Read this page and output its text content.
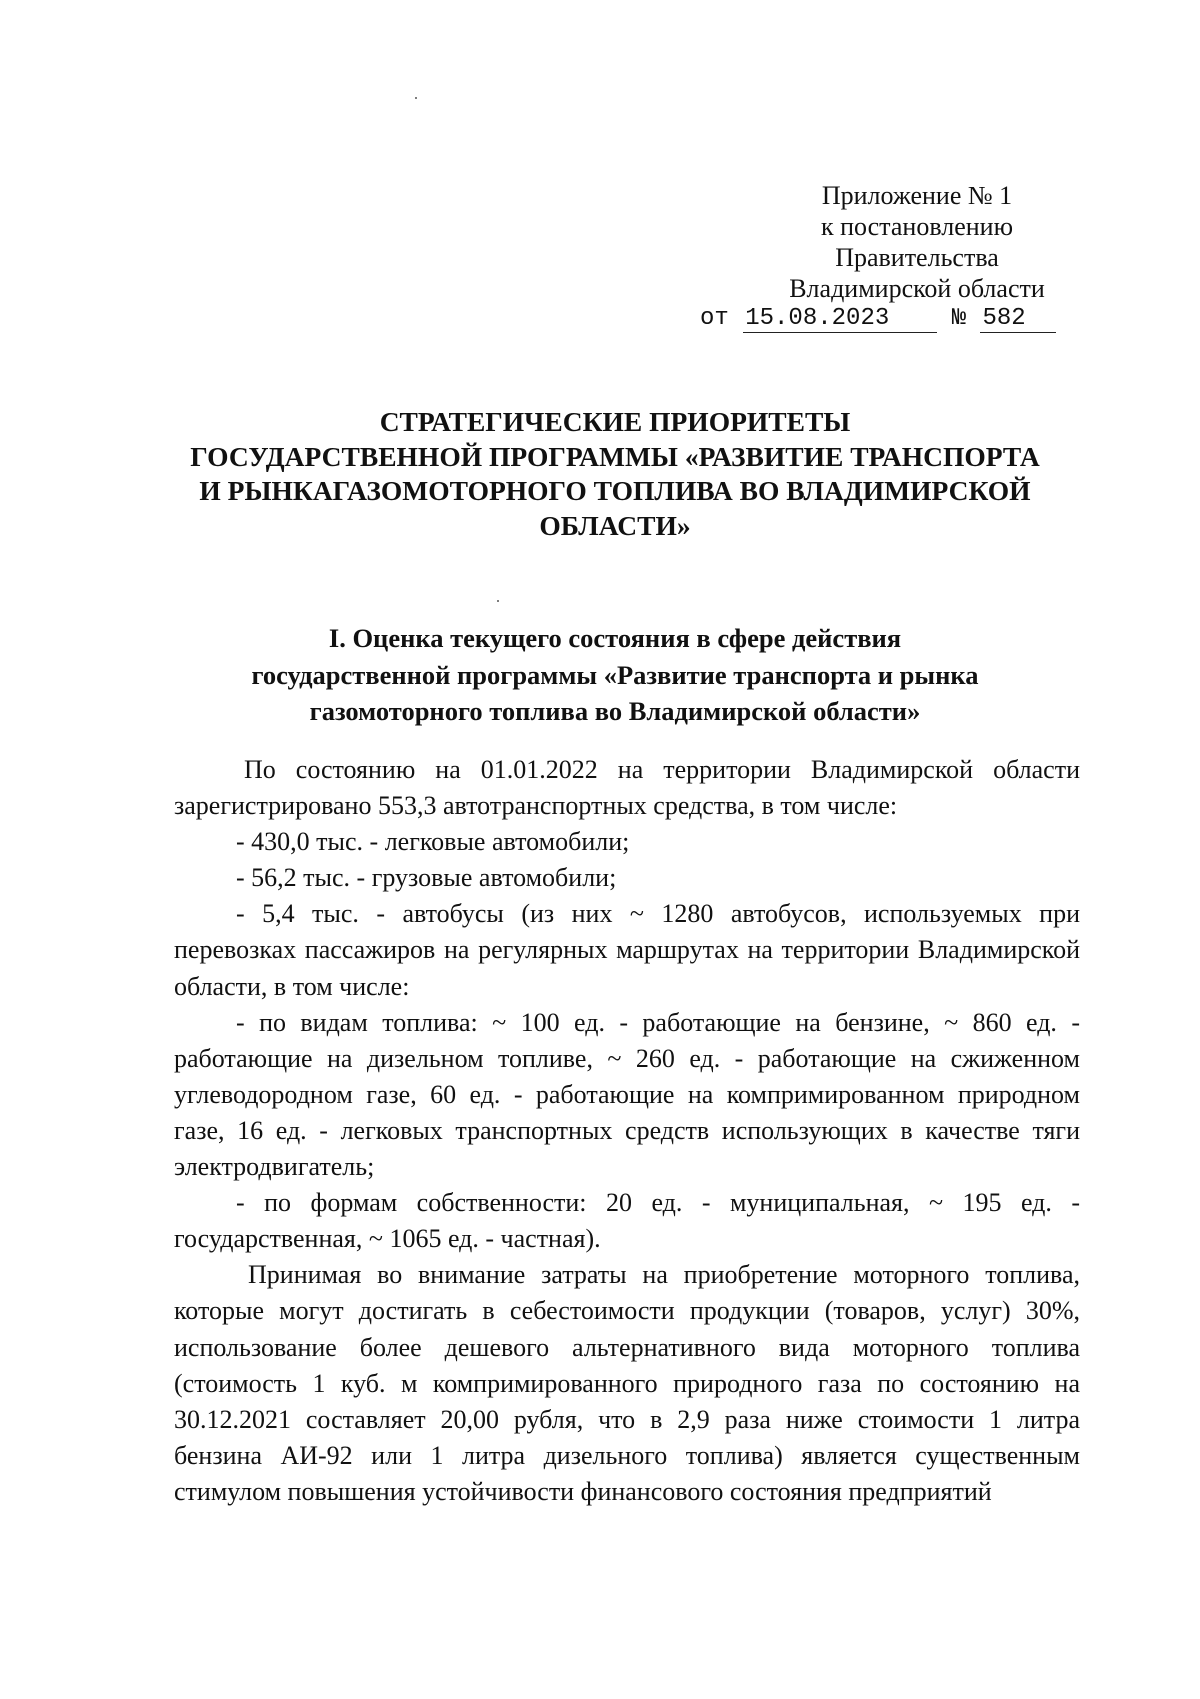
Приложение № 1
к постановлению
Правительства
Владимирской области
от 15.08.2023	№ 582
СТРАТЕГИЧЕСКИЕ ПРИОРИТЕТЫ
ГОСУДАРСТВЕННОЙ ПРОГРАММЫ «РАЗВИТИЕ ТРАНСПОРТА
И РЫНКАГАЗОМОТОРНОГО ТОПЛИВА ВО ВЛАДИМИРСКОЙ
ОБЛАСТИ»
I. Оценка текущего состояния в сфере действия
государственной программы «Развитие транспорта и рынка
газомоторного топлива во Владимирской области»

По состоянию на 01.01.2022 на территории Владимирской области зарегистрировано 553,3 автотранспортных средства, в том числе:

- 430,0 тыс. - легковые автомобили;

- 56,2 тыс. - грузовые автомобили;

- 5,4 тыс. - автобусы (из них ~ 1280 автобусов, используемых при перевозках пассажиров на регулярных маршрутах на территории Владимирской области, в том числе:

- по видам топлива: ~ 100 ед. - работающие на бензине, ~ 860 ед. - работающие на дизельном топливе, ~ 260 ед. - работающие на сжиженном углеводородном газе, 60 ед. - работающие на компримированном природном газе, 16 ед. - легковых транспортных средств использующих в качестве тяги электродвигатель;

- по формам собственности: 20 ед. - муниципальная, ~ 195 ед. - государственная, ~ 1065 ед. - частная).

Принимая во внимание затраты на приобретение моторного топлива, которые могут достигать в себестоимости продукции (товаров, услуг) 30%, использование более дешевого альтернативного вида моторного топлива (стоимость 1 куб. м компримированного природного газа по состоянию на 30.12.2021 составляет 20,00 рубля, что в 2,9 раза ниже стоимости 1 литра бензина АИ-92 или 1 литра дизельного топлива) является существенным стимулом повышения устойчивости финансового состояния предприятий
